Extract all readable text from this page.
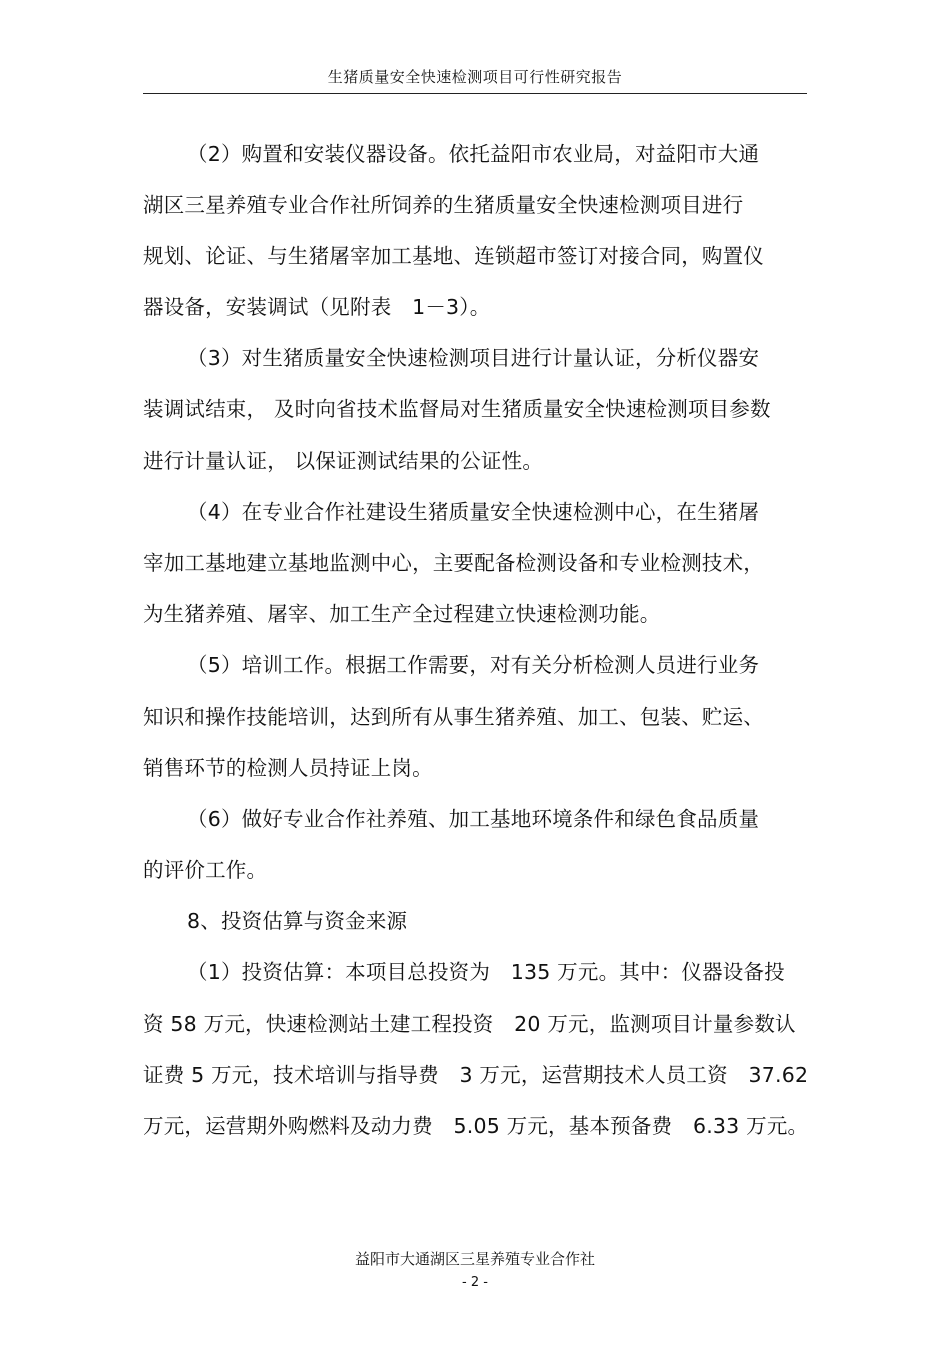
生猪质量安全快速检测项目可行性研究报告
（2）购置和安装仪器设备。依托益阳市农业局，对益阳市大通
湖区三星养殖专业合作社所饲养的生猪质量安全快速检测项目进行
规划、论证、与生猪屠宰加工基地、连锁超市签订对接合同，购置仪
器设备，安装调试（见附表　1－3）。
（3）对生猪质量安全快速检测项目进行计量认证，分析仪器安
装调试结束， 及时向省技术监督局对生猪质量安全快速检测项目参数
进行计量认证， 以保证测试结果的公证性。
（4）在专业合作社建设生猪质量安全快速检测中心，在生猪屠
宰加工基地建立基地监测中心，主要配备检测设备和专业检测技术，
为生猪养殖、屠宰、加工生产全过程建立快速检测功能。
（5）培训工作。根据工作需要，对有关分析检测人员进行业务
知识和操作技能培训，达到所有从事生猪养殖、加工、包装、贮运、
销售环节的检测人员持证上岗。
（6）做好专业合作社养殖、加工基地环境条件和绿色食品质量
的评价工作。
8、投资估算与资金来源
（1）投资估算：本项目总投资为　135 万元。其中：仪器设备投
资 58 万元，快速检测站土建工程投资　20 万元，监测项目计量参数认
证费 5 万元，技术培训与指导费　3 万元，运营期技术人员工资　37.62
万元，运营期外购燃料及动力费　5.05 万元，基本预备费　6.33 万元。
益阳市大通湖区三星养殖专业合作社
- 2 -
